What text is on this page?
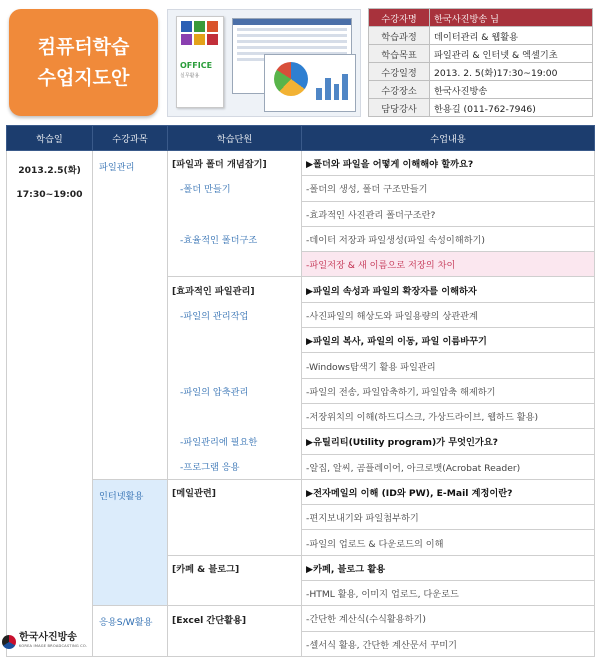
컴퓨터학습
수업지도안
OFFICE
실무활용
수강자명	한국사진방송 님
학습과정	데이터관리 & 웹활용
학습목표	파일관리 & 인터넷 & 엑셀기초
수강일정	2013. 2. 5(화)17:30~19:00
수강장소	한국사진방송
담당강사	한용길 (011-762-7946)
학습일	수강과목	학습단원	수업내용

2013.2.5(화)
17:30~19:00	파일관리	[파일과 폴더 개념잡기]	▶폴더와 파일을 어떻게 이해해야 할까요?
		-폴더 만들기	-폴더의 생성, 폴더 구조만들기
			-효과적인 사진관리 폴더구조란?
		-효율적인 폴더구조	-데이터 저장과 파일생성(파일 속성이해하기)
			-파일저장 & 새 이름으로 저장의 차이
		[효과적인 파일관리]	▶파일의 속성과 파일의 확장자를 이해하자
		-파일의 관리작업	-사진파일의 해상도와 파일용량의 상관관계
			▶파일의 복사, 파일의 이동, 파일 이름바꾸기
			-Windows탐색기 활용 파일관리
		-파일의 압축관리	-파일의 전송, 파일압축하기, 파일압축 해제하기
			-저장위치의 이해(하드디스크, 가상드라이브, 웹하드 활용)
		-파일관리에 필요한	▶유틸리티(Utility program)가 무엇인가요?
		-프로그램 응용	-알집, 알씨, 곰플레이어, 아크로뱃(Acrobat Reader)
	인터넷활용	[메일관련]	▶전자메일의 이해 (ID와 PW), E-Mail 계정이란?
			-편지보내기와 파일첨부하기
			-파일의 업로드 & 다운로드의 이해
		[카페 & 블로그]	▶카페, 블로그 활용
			-HTML 활용, 이미지 업로드, 다운로드
	응용S/W활용	[Excel 간단활용]	-간단한 계산식(수식활용하기)
			-셀서식 활용, 간단한 계산문서 꾸미기
한국사진방송
KOREA IMAGE BROADCASTING CO.
